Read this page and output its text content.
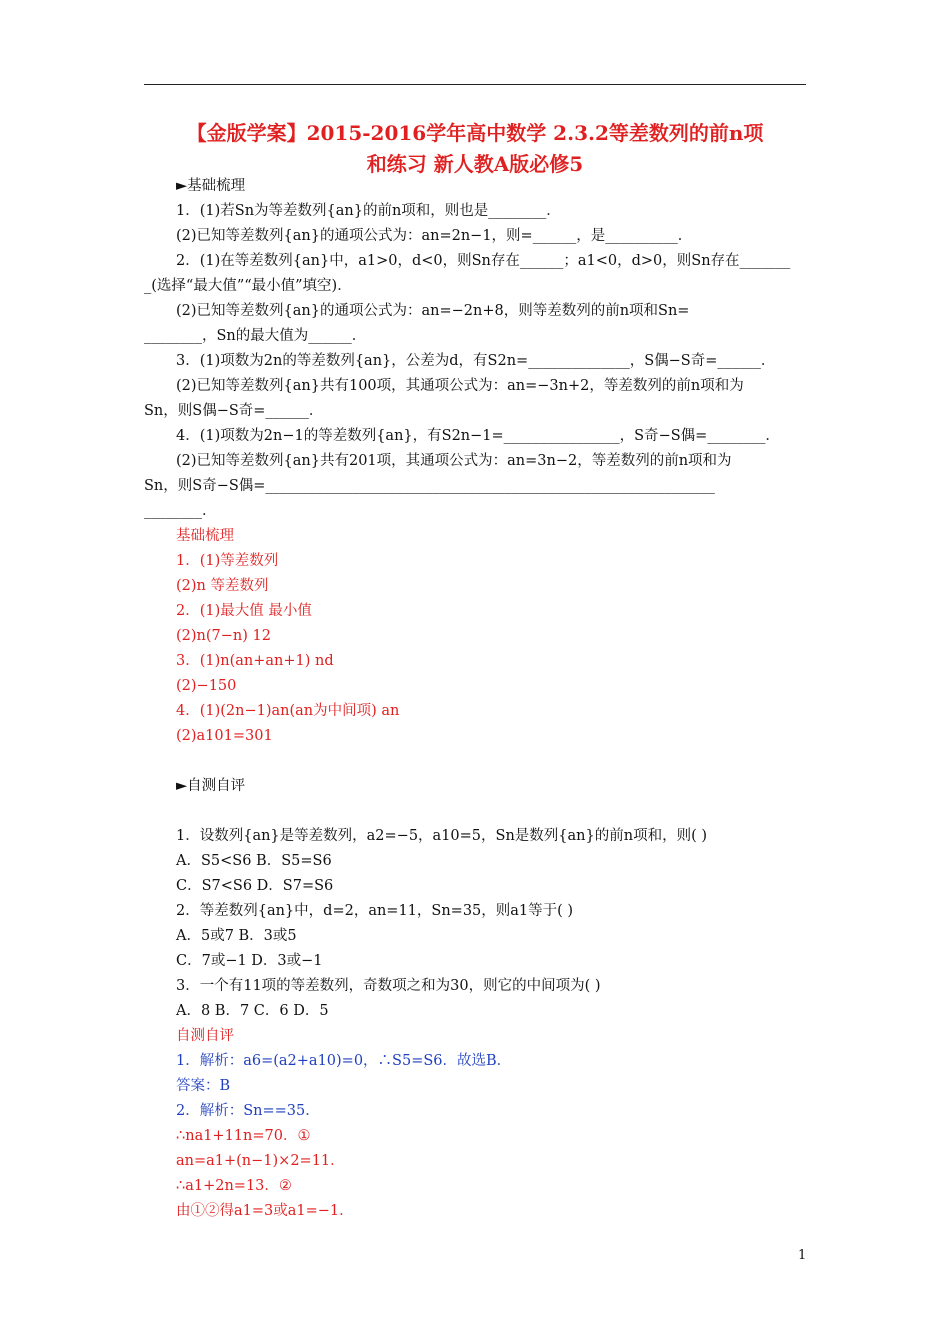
【金版学案】2015-2016学年高中数学 2.3.2等差数列的前n项
和练习 新人教A版必修5
►基础梳理
1．(1)若Sn为等差数列{an}的前n项和，则也是________．
(2)已知等差数列{an}的通项公式为：an=2n−1，则=______，是__________．
2．(1)在等差数列{an}中，a1>0，d<0，则Sn存在______；a1<0，d>0，则Sn存在_______
_(选择“最大值”“最小值”填空)．
(2)已知等差数列{an}的通项公式为：an=−2n+8，则等差数列的前n项和Sn=
________，Sn的最大值为______．
3．(1)项数为2n的等差数列{an}，公差为d，有S2n=______________，S偶−S奇=______．
(2)已知等差数列{an}共有100项，其通项公式为：an=−3n+2，等差数列的前n项和为
Sn，则S偶−S奇=______．
4．(1)项数为2n−1的等差数列{an}，有S2n−1=________________，S奇−S偶=________．
(2)已知等差数列{an}共有201项，其通项公式为：an=3n−2，等差数列的前n项和为
Sn，则S奇−S偶=______________________________________________________________
________．
基础梳理
1．(1)等差数列
(2)n 等差数列
2．(1)最大值 最小值
(2)n(7−n) 12
3．(1)n(an+an+1) nd
(2)−150
4．(1)(2n−1)an(an为中间项) an
(2)a101=301
►自测自评
1．设数列{an}是等差数列，a2=−5，a10=5，Sn是数列{an}的前n项和，则( )
A．S5<S6 B．S5=S6
C．S7<S6 D．S7=S6
2．等差数列{an}中，d=2，an=11，Sn=35，则a1等于( )
A．5或7 B．3或5
C．7或−1 D．3或−1
3．一个有11项的等差数列，奇数项之和为30，则它的中间项为( )
A．8 B．7 C．6 D．5
自测自评
1．解析：a6=(a2+a10)=0，∴S5=S6．故选B．
答案：B
2．解析：Sn==35．
∴na1+11n=70．①
an=a1+(n−1)×2=11．
∴a1+2n=13．②
由①②得a1=3或a1=−1．
1
